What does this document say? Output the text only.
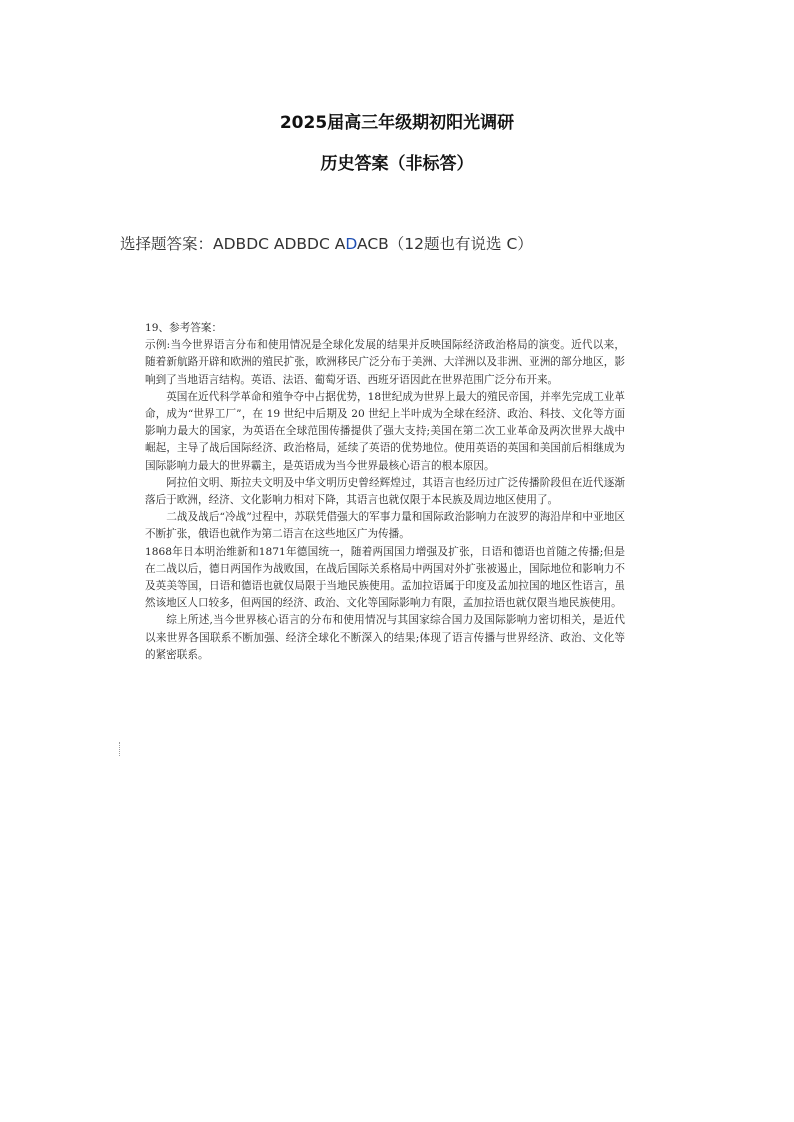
2025届高三年级期初阳光调研
历史答案（非标答）

选择题答案：ADBDC ADBDC ADACB（12题也有说选 C）

19、参考答案：

示例:当今世界语言分布和使用情况是全球化发展的结果并反映国际经济政治格局的演变。近代以来，随着新航路开辟和欧洲的殖民扩张，欧洲移民广泛分布于美洲、大洋洲以及非洲、亚洲的部分地区，影响到了当地语言结构。英语、法语、葡萄牙语、西班牙语因此在世界范围广泛分布开来。

英国在近代科学革命和殖争夺中占据优势，18世纪成为世界上最大的殖民帝国，并率先完成工业革命，成为“世界工厂”，在 19 世纪中后期及 20 世纪上半叶成为全球在经济、政治、科技、文化等方面影响力最大的国家，为英语在全球范围传播提供了强大支持;美国在第二次工业革命及两次世界大战中崛起，主导了战后国际经济、政治格局，延续了英语的优势地位。使用英语的英国和美国前后相继成为国际影响力最大的世界霸主，是英语成为当今世界最核心语言的根本原因。

阿拉伯文明、斯拉夫文明及中华文明历史曾经辉煌过，其语言也经历过广泛传播阶段但在近代逐渐落后于欧洲，经济、文化影响力相对下降，其语言也就仅限于本民族及周边地区使用了。

二战及战后“冷战”过程中，苏联凭借强大的军事力量和国际政治影响力在波罗的海沿岸和中亚地区不断扩张，俄语也就作为第二语言在这些地区广为传播。

1868年日本明治维新和1871年德国统一，随着两国国力增强及扩张，日语和德语也首随之传播;但是在二战以后，德日两国作为战败国，在战后国际关系格局中两国对外扩张被遏止，国际地位和影响力不及英美等国，日语和德语也就仅局限于当地民族使用。孟加拉语属于印度及孟加拉国的地区性语言，虽然该地区人口较多，但两国的经济、政治、文化等国际影响力有限，孟加拉语也就仅限当地民族使用。

综上所述,当今世界核心语言的分布和使用情况与其国家综合国力及国际影响力密切相关，是近代以来世界各国联系不断加强、经济全球化不断深入的结果;体现了语言传播与世界经济、政治、文化等的紧密联系。
